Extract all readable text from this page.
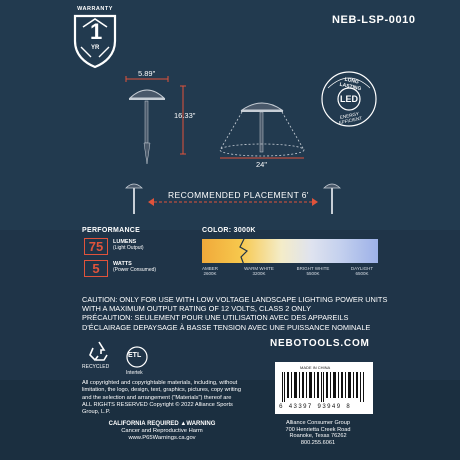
WARRANTY
1
YR
NEB-LSP-0010
5.89"
16.33"
24"
LONG LASTING
LED
ENERGY EFFICIENT
RECOMMENDED PLACEMENT 6'
PERFORMANCE
75	LUMENS
(Light Output)
5	WATTS
(Power Consumed)
COLOR: 3000K
AMBER
2600K
WARM WHITE
3200K
BRIGHT WHITE
5500K
DAYLIGHT
6500K
CAUTION: ONLY FOR USE WITH LOW VOLTAGE LANDSCAPE LIGHTING POWER UNITS WITH A MAXIMUM OUTPUT RATING OF 12 VOLTS, CLASS 2 ONLY
PRÉCAUTION: SEULEMENT POUR UNE UTILISATION AVEC DES APPAREILS D'ÉCLAIRAGE DEPAYSAGE À BASSE TENSION AVEC UNE PUISSANCE NOMINALE
NEBOTOOLS.COM
RECYCLED
ETL
Intertek
All copyrighted and copyrightable materials, including, without limitation, the logo, design, text, graphics, pictures, copy writing and the selection and arrangement ("Materials") thereof are ALL RIGHTS RESERVED Copyright © 2022 Alliance Sports Group, L.P.
CALIFORNIA REQUIRED ▲WARNING
Cancer and Reproductive Harm
www.P65Warnings.ca.gov
MADE IN CHINA
6 43397 93949 8
Alliance Consumer Group
700 Henrietta Creek Road
Roanoke, Texas 76262
800.255.6061
